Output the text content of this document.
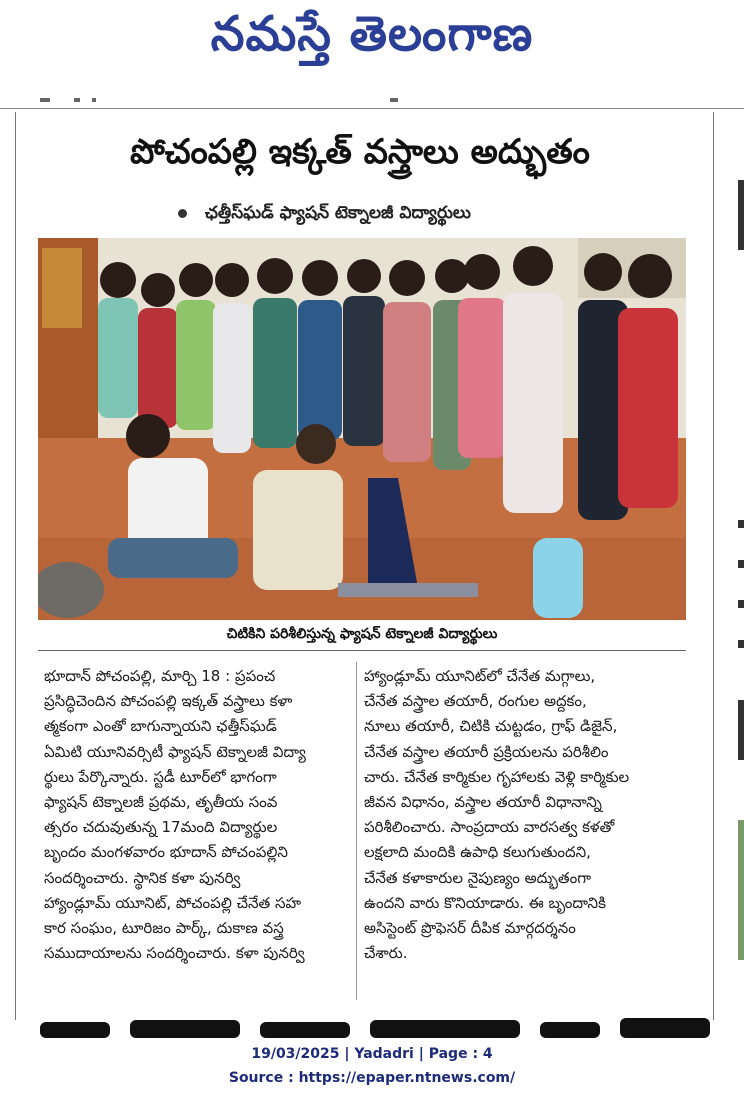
నమస్తే తెలంగాణ
పోచంపల్లి ఇక్కత్ వస్త్రాలు అద్భుతం
ఛత్తీస్‌ఘడ్ ఫ్యాషన్ టెక్నాలజీ విద్యార్థులు
చిటికిని పరిశీలిస్తున్న ఫ్యాషన్ టెక్నాలజీ విద్యార్థులు
భూదాన్ పోచంపల్లి, మార్చి 18 : ప్రపంచ
ప్రసిద్ధిచెందిన పోచంపల్లి ఇక్కత్ వస్త్రాలు కళా
త్మకంగా ఎంతో బాగున్నాయని ఛత్తీస్‌ఘడ్
ఏమిటి యూనివర్సిటీ ఫ్యాషన్ టెక్నాలజీ విద్యా
ర్థులు పేర్కొన్నారు. స్టడీ టూర్‌లో భాగంగా
ఫ్యాషన్ టెక్నాలజీ ప్రథమ, తృతీయ సంవ
త్సరం చదువుతున్న 17మంది విద్యార్థుల
బృందం మంగళవారం భూదాన్ పోచంపల్లిని
సందర్శించారు. స్థానిక కళా పునర్వి
హ్యాండ్లూమ్ యూనిట్, పోచంపల్లి చేనేత సహ
కార సంఘం, టూరిజం పార్క్, దుకాణ వస్త్ర
సముదాయాలను సందర్శించారు. కళా పునర్వి
హ్యాండ్లూమ్ యూనిట్‌లో చేనేత మగ్గాలు,
చేనేత వస్త్రాల తయారీ, రంగుల అద్దకం,
నూలు తయారీ, చిటికి చుట్టడం, గ్రాఫ్ డిజైన్,
చేనేత వస్త్రాల తయారీ ప్రక్రియలను పరిశీలిం
చారు. చేనేత కార్మికుల గృహాలకు వెళ్లి కార్మికుల
జీవన విధానం, వస్త్రాల తయారీ విధానాన్ని
పరిశీలించారు. సాంప్రదాయ వారసత్వ కళతో
లక్షలాది మందికి ఉపాధి కలుగుతుందని,
చేనేత కళాకారుల నైపుణ్యం అద్భుతంగా
ఉందని వారు కొనియాడారు. ఈ బృందానికి
అసిస్టెంట్ ప్రొఫెసర్ దీపిక మార్గదర్శనం
చేశారు.
19/03/2025 | Yadadri | Page : 4
Source : https://epaper.ntnews.com/
